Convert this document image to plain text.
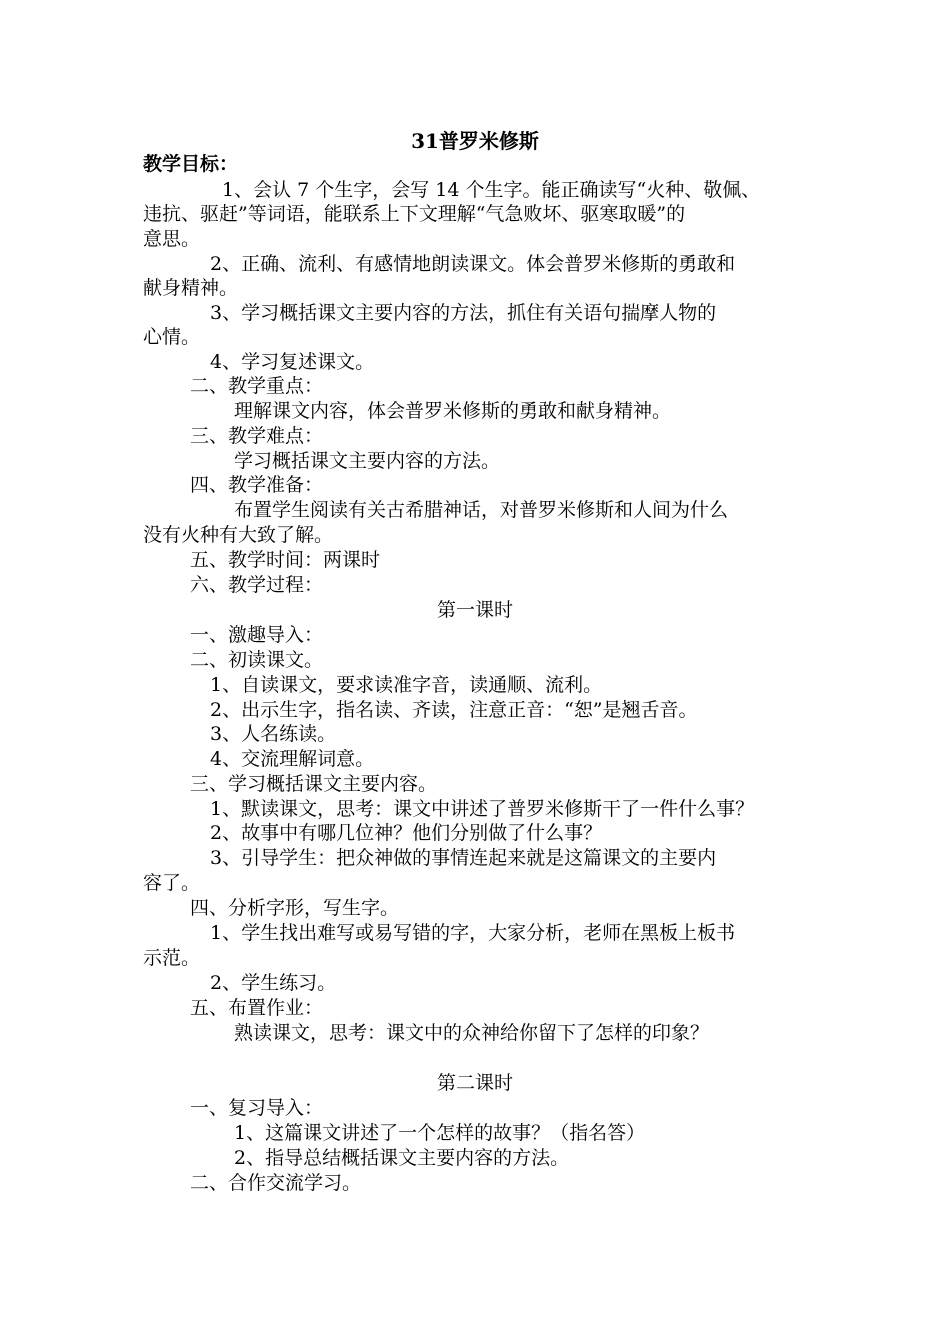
31普罗米修斯
教学目标：
1、会认 7 个生字，会写 14 个生字。能正确读写“火种、敬佩、
违抗、驱赶”等词语，能联系上下文理解“气急败坏、驱寒取暖”的
意思。
2、正确、流利、有感情地朗读课文。体会普罗米修斯的勇敢和
献身精神。
3、学习概括课文主要内容的方法，抓住有关语句揣摩人物的
心情。
4、学习复述课文。
二、教学重点：
理解课文内容，体会普罗米修斯的勇敢和献身精神。
三、教学难点：
学习概括课文主要内容的方法。
四、教学准备：
布置学生阅读有关古希腊神话，对普罗米修斯和人间为什么
没有火种有大致了解。
五、教学时间：两课时
六、教学过程：
第一课时
一、激趣导入：
二、初读课文。
1、自读课文，要求读准字音，读通顺、流利。
2、出示生字，指名读、齐读，注意正音：“恕”是翘舌音。
3、人名练读。
4、交流理解词意。
三、学习概括课文主要内容。
1、默读课文，思考：课文中讲述了普罗米修斯干了一件什么事？
2、故事中有哪几位神？他们分别做了什么事？
3、引导学生：把众神做的事情连起来就是这篇课文的主要内
容了。
四、分析字形，写生字。
1、学生找出难写或易写错的字，大家分析，老师在黑板上板书
示范。
2、学生练习。
五、布置作业：
熟读课文，思考：课文中的众神给你留下了怎样的印象？
第二课时
一、复习导入：
1、这篇课文讲述了一个怎样的故事？（指名答）
2、指导总结概括课文主要内容的方法。
二、合作交流学习。
